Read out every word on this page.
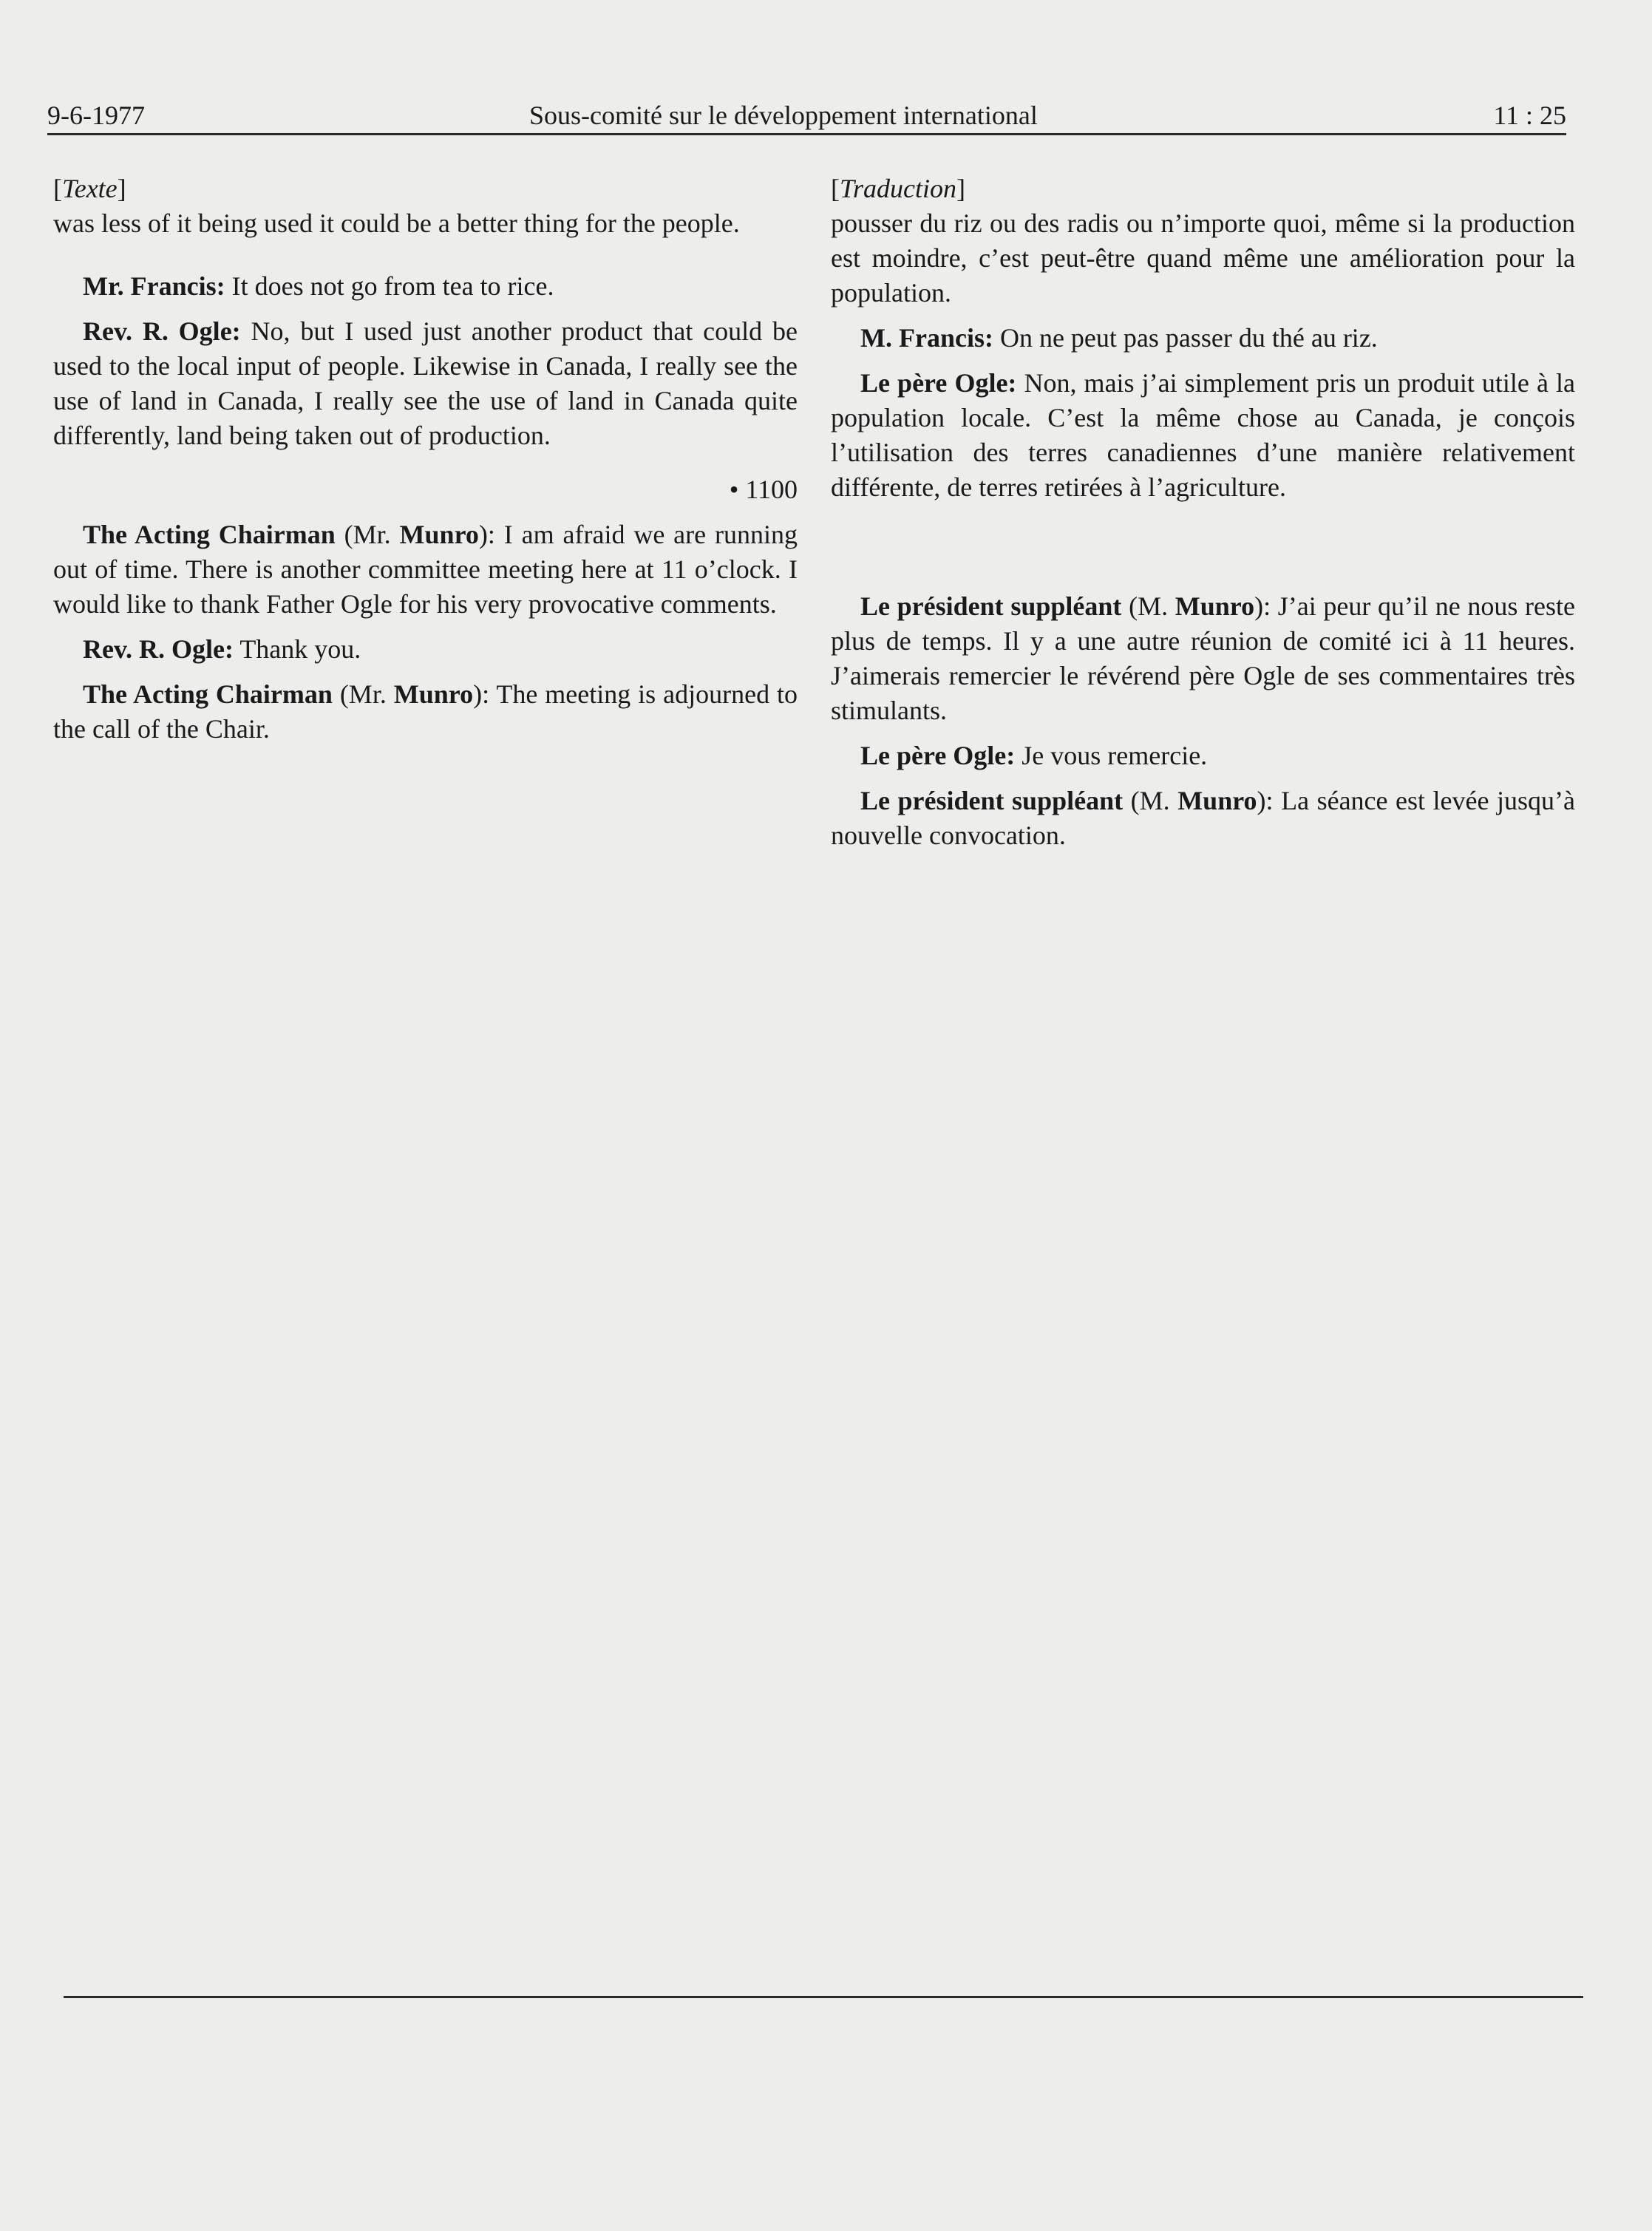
9-6-1977	Sous-comité sur le développement international	11 : 25

[Texte]

was less of it being used it could be a better thing for the people.

Mr. Francis: It does not go from tea to rice.

Rev. R. Ogle: No, but I used just another product that could be used to the local input of people. Likewise in Canada, I really see the use of land in Canada, I really see the use of land in Canada quite differently, land being taken out of production.

• 1100

The Acting Chairman (Mr. Munro): I am afraid we are running out of time. There is another committee meeting here at 11 o’clock. I would like to thank Father Ogle for his very provocative comments.

Rev. R. Ogle: Thank you.

The Acting Chairman (Mr. Munro): The meeting is adjourned to the call of the Chair.

[Traduction]

pousser du riz ou des radis ou n’importe quoi, même si la production est moindre, c’est peut-être quand même une amélioration pour la population.

M. Francis: On ne peut pas passer du thé au riz.

Le père Ogle: Non, mais j’ai simplement pris un produit utile à la population locale. C’est la même chose au Canada, je conçois l’utilisation des terres canadiennes d’une manière relativement différente, de terres retirées à l’agriculture.

Le président suppléant (M. Munro): J’ai peur qu’il ne nous reste plus de temps. Il y a une autre réunion de comité ici à 11 heures. J’aimerais remercier le révérend père Ogle de ses commentaires très stimulants.

Le père Ogle: Je vous remercie.

Le président suppléant (M. Munro): La séance est levée jusqu’à nouvelle convocation.
